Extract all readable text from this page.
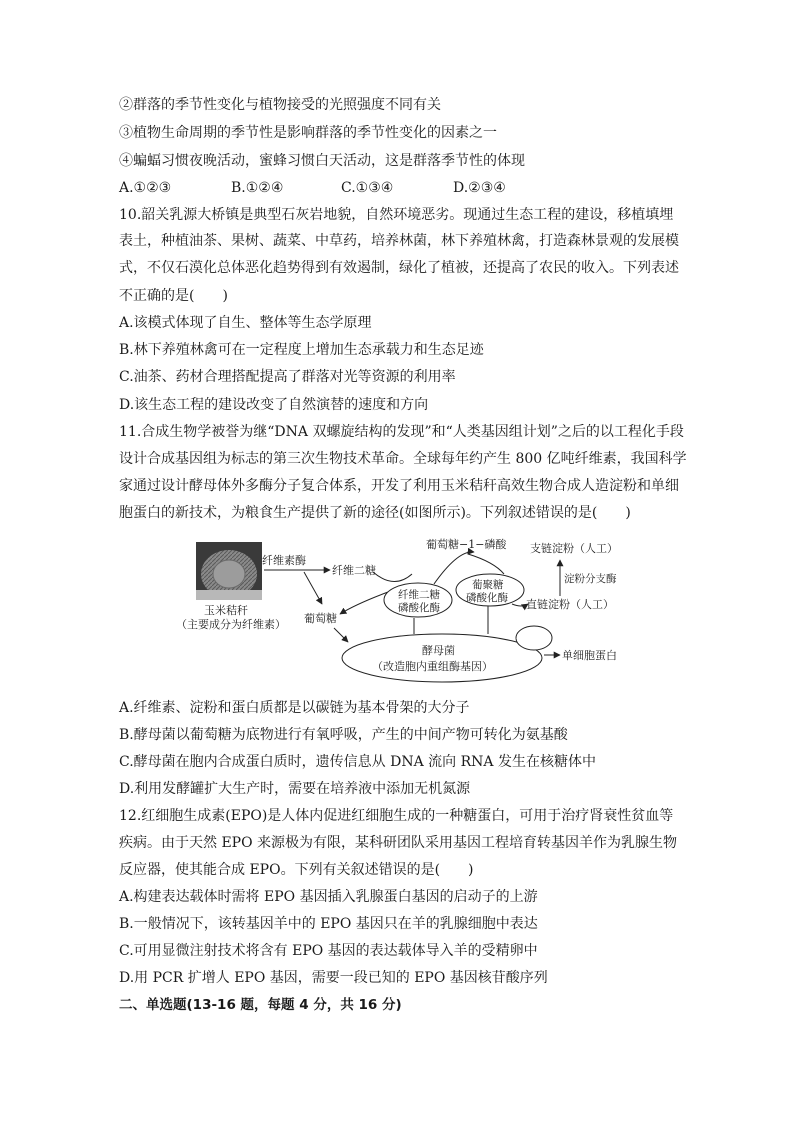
②群落的季节性变化与植物接受的光照强度不同有关
③植物生命周期的季节性是影响群落的季节性变化的因素之一
④蝙蝠习惯夜晚活动，蜜蜂习惯白天活动，这是群落季节性的体现
A.①②③	B.①②④	C.①③④	D.②③④
10.韶关乳源大桥镇是典型石灰岩地貌，自然环境恶劣。现通过生态工程的建设，移植填埋
表土，种植油茶、果树、蔬菜、中草药，培养林菌，林下养殖林禽，打造森林景观的发展模
式，不仅石漠化总体恶化趋势得到有效遏制，绿化了植被，还提高了农民的收入。下列表述
不正确的是(　　)
A.该模式体现了自生、整体等生态学原理
B.林下养殖林禽可在一定程度上增加生态承载力和生态足迹
C.油茶、药材合理搭配提高了群落对光等资源的利用率
D.该生态工程的建设改变了自然演替的速度和方向
11.合成生物学被誉为继“DNA 双螺旋结构的发现”和“人类基因组计划”之后的以工程化手段
设计合成基因组为标志的第三次生物技术革命。全球每年约产生 800 亿吨纤维素，我国科学
家通过设计酵母体外多酶分子复合体系，开发了利用玉米秸秆高效生物合成人造淀粉和单细
胞蛋白的新技术，为粮食生产提供了新的途径(如图所示)。下列叙述错误的是(　　)
玉米秸秆
（主要成分为纤维素）
纤维素酶
纤维二糖
葡萄糖
纤维二糖
磷酸化酶
葡萄糖−1−磷酸
葡聚糖
磷酸化酶
支链淀粉（人工）
淀粉分支酶
直链淀粉（人工）
酵母菌
（改造胞内重组酶基因）
单细胞蛋白
A.纤维素、淀粉和蛋白质都是以碳链为基本骨架的大分子
B.酵母菌以葡萄糖为底物进行有氧呼吸，产生的中间产物可转化为氨基酸
C.酵母菌在胞内合成蛋白质时，遗传信息从 DNA 流向 RNA 发生在核糖体中
D.利用发酵罐扩大生产时，需要在培养液中添加无机氮源
12.红细胞生成素(EPO)是人体内促进红细胞生成的一种糖蛋白，可用于治疗肾衰性贫血等
疾病。由于天然 EPO 来源极为有限，某科研团队采用基因工程培育转基因羊作为乳腺生物
反应器，使其能合成 EPO。下列有关叙述错误的是(　　)
A.构建表达载体时需将 EPO 基因插入乳腺蛋白基因的启动子的上游
B.一般情况下，该转基因羊中的 EPO 基因只在羊的乳腺细胞中表达
C.可用显微注射技术将含有 EPO 基因的表达载体导入羊的受精卵中
D.用 PCR 扩增人 EPO 基因，需要一段已知的 EPO 基因核苷酸序列
二、单选题(13-16 题，每题 4 分，共 16 分)
